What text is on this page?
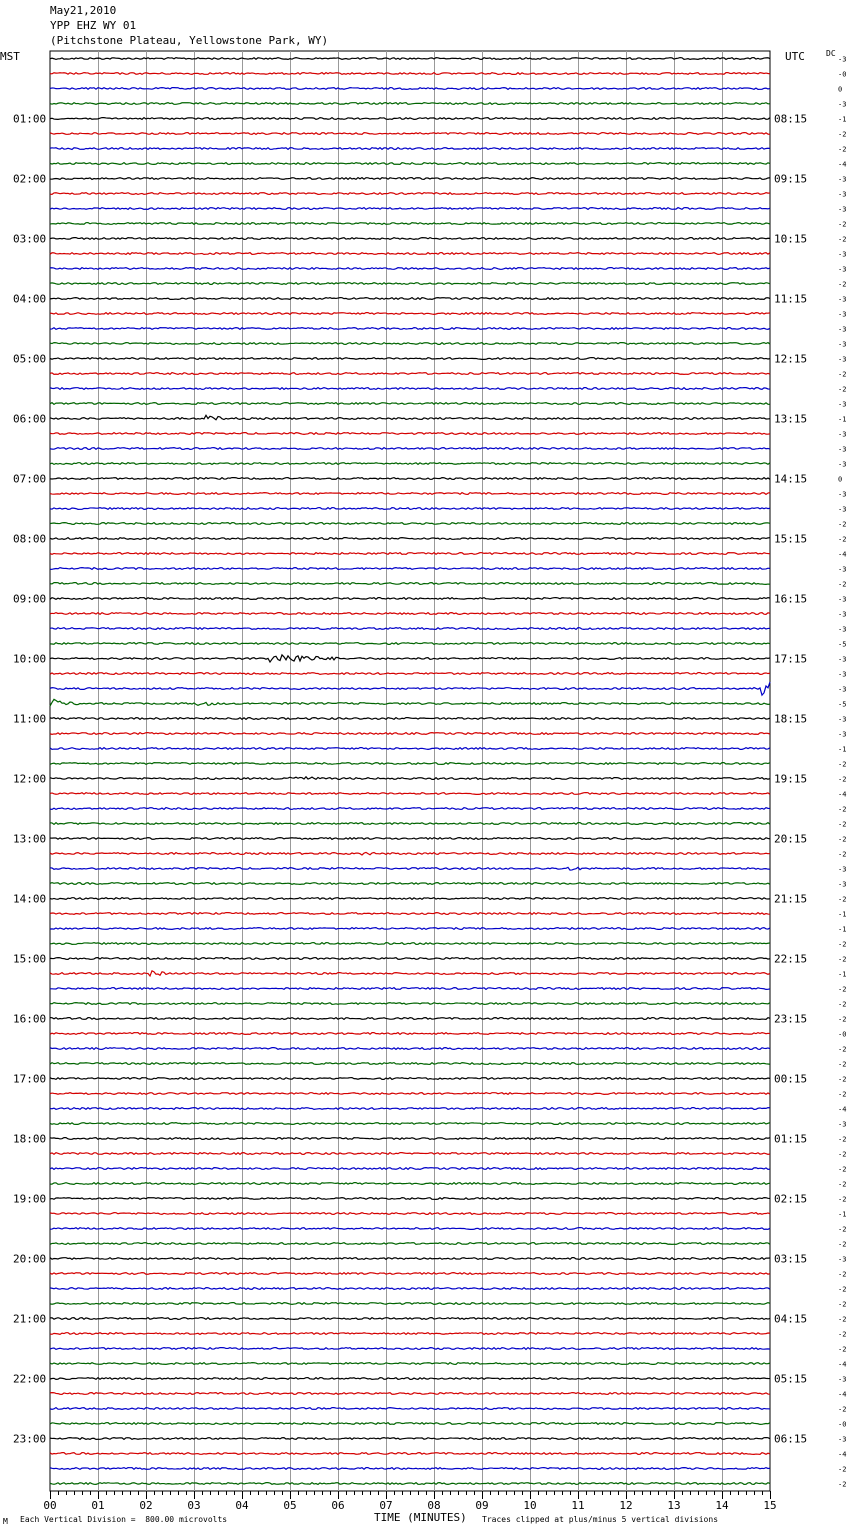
May21,2010
YPP EHZ WY 01
(Pitchstone Plateau, Yellowstone Park, WY)
MST	UTC	DC
-3
-0
0
-3
-1
01:00	08:15
-2
-2
-4
-3
02:00	09:15
-3
-3
-2
-2
03:00	10:15
-3
-3
-2
-3
04:00	11:15
-3
-3
-3
-3
05:00	12:15
-2
-2
-3
-1
06:00	13:15
-3
-3
-3
0
07:00	14:15
-3
-3
-2
-2
08:00	15:15
-4
-3
-2
-3
09:00	16:15
-3
-3
-5
-3
10:00	17:15
-3
-3
-5
-3
11:00	18:15
-3
-1
-2
-2
12:00	19:15
-4
-2
-2
-2
13:00	20:15
-2
-3
-3
-2
14:00	21:15
-1
-1
-2
-2
15:00	22:15
-1
-2
-2
-2
16:00	23:15
-0
-2
-2
-2
17:00	00:15
-2
-4
-3
-2
18:00	01:15
-2
-2
-2
-2
19:00	02:15
-1
-2
-2
-3
20:00	03:15
-2
-2
-2
-2
21:00	04:15
-2
-2
-4
-3
22:00	05:15
-4
-2
-0
-3
23:00	06:15
-4
-2
-2
00	01	02	03	04	05	06	07	08	09	10	11	12	13	14	15
TIME (MINUTES)
M Each Vertical Division =  800.00 microvolts	Traces clipped at plus/minus 5 vertical divisions
